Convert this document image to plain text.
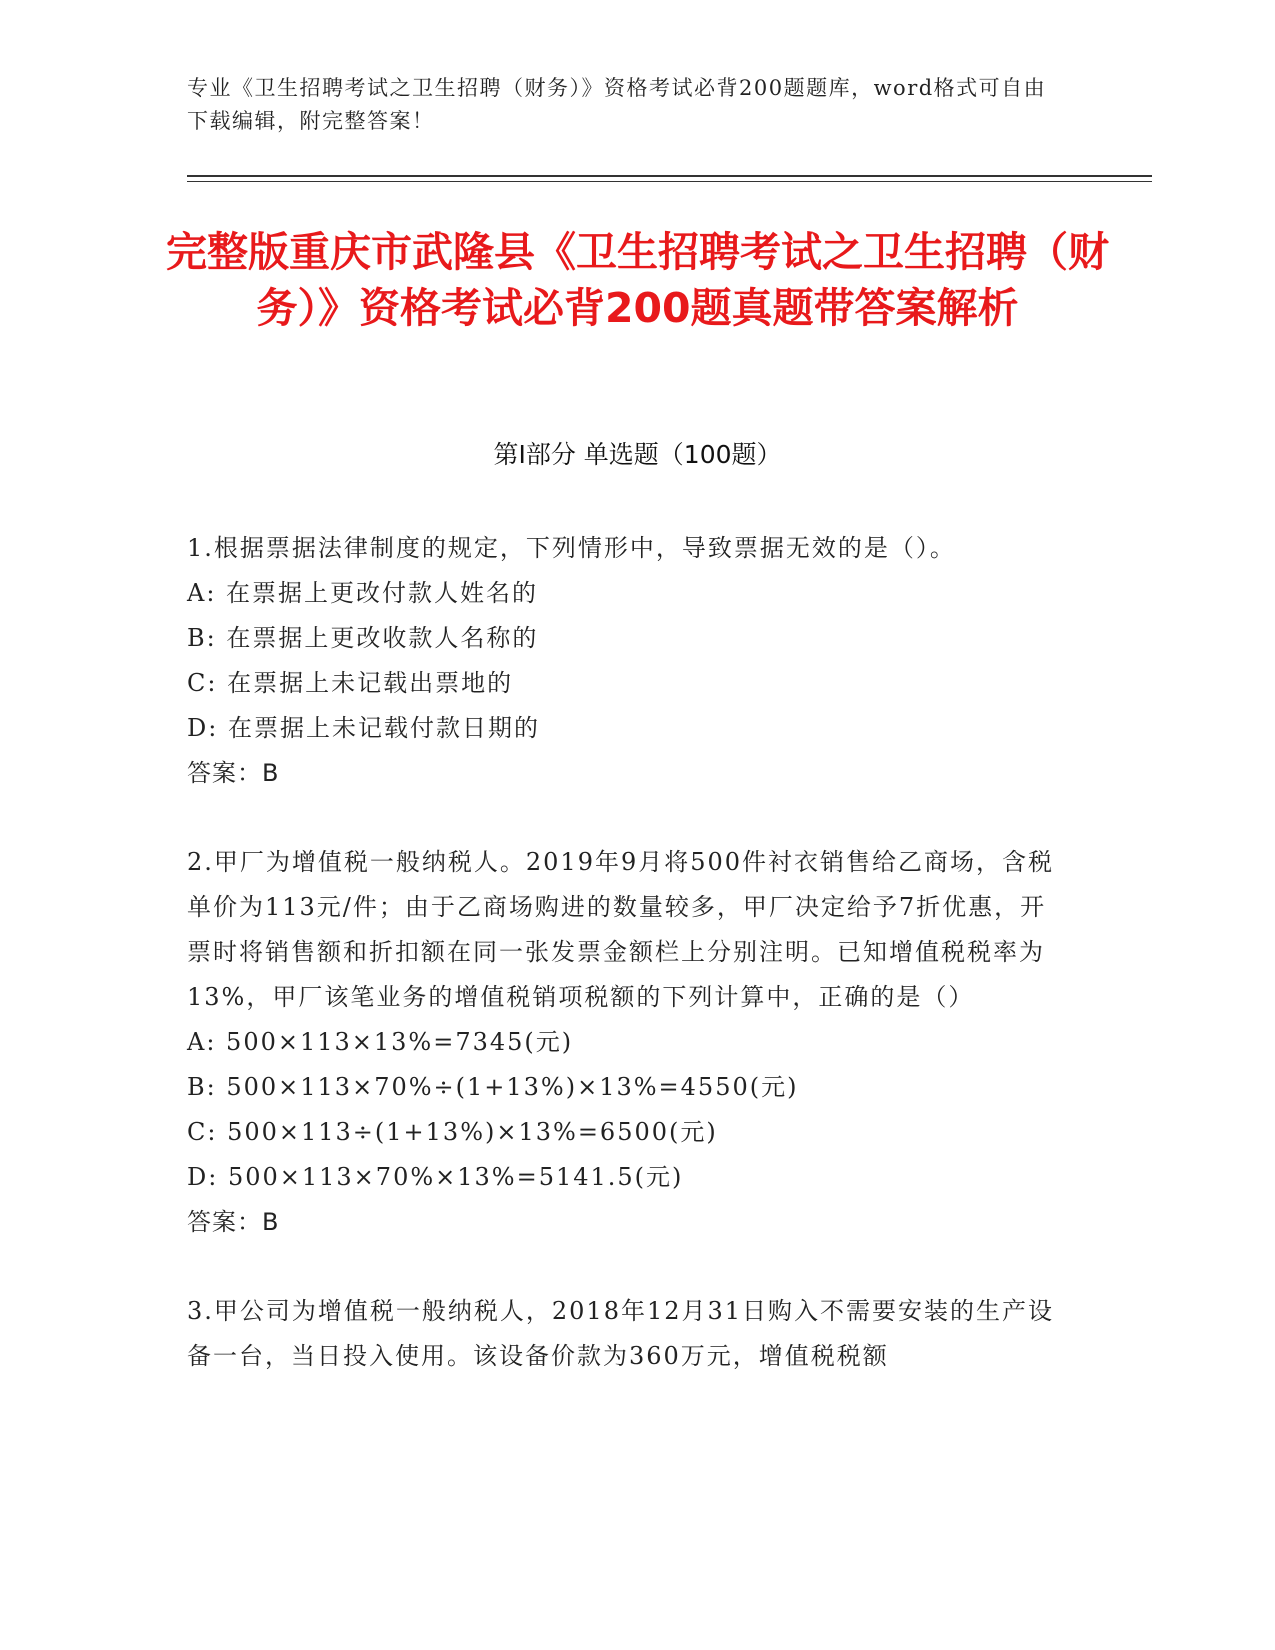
专业《卫生招聘考试之卫生招聘（财务）》资格考试必背200题题库，word格式可自由下载编辑，附完整答案！
完整版重庆市武隆县《卫生招聘考试之卫生招聘（财务）》资格考试必背200题真题带答案解析
第I部分 单选题（100题）
1.根据票据法律制度的规定，下列情形中，导致票据无效的是（）。
A: 在票据上更改付款人姓名的
B: 在票据上更改收款人名称的
C: 在票据上未记载出票地的
D: 在票据上未记载付款日期的
答案：B
2.甲厂为增值税一般纳税人。2019年9月将500件衬衣销售给乙商场，含税单价为113元/件；由于乙商场购进的数量较多，甲厂决定给予7折优惠，开票时将销售额和折扣额在同一张发票金额栏上分别注明。已知增值税税率为13%，甲厂该笔业务的增值税销项税额的下列计算中，正确的是（）
A: 500×113×13%=7345(元)
B: 500×113×70%÷(1+13%)×13%=4550(元)
C: 500×113÷(1+13%)×13%=6500(元)
D: 500×113×70%×13%=5141.5(元)
答案：B
3.甲公司为增值税一般纳税人，2018年12月31日购入不需要安装的生产设备一台，当日投入使用。该设备价款为360万元，增值税税额
